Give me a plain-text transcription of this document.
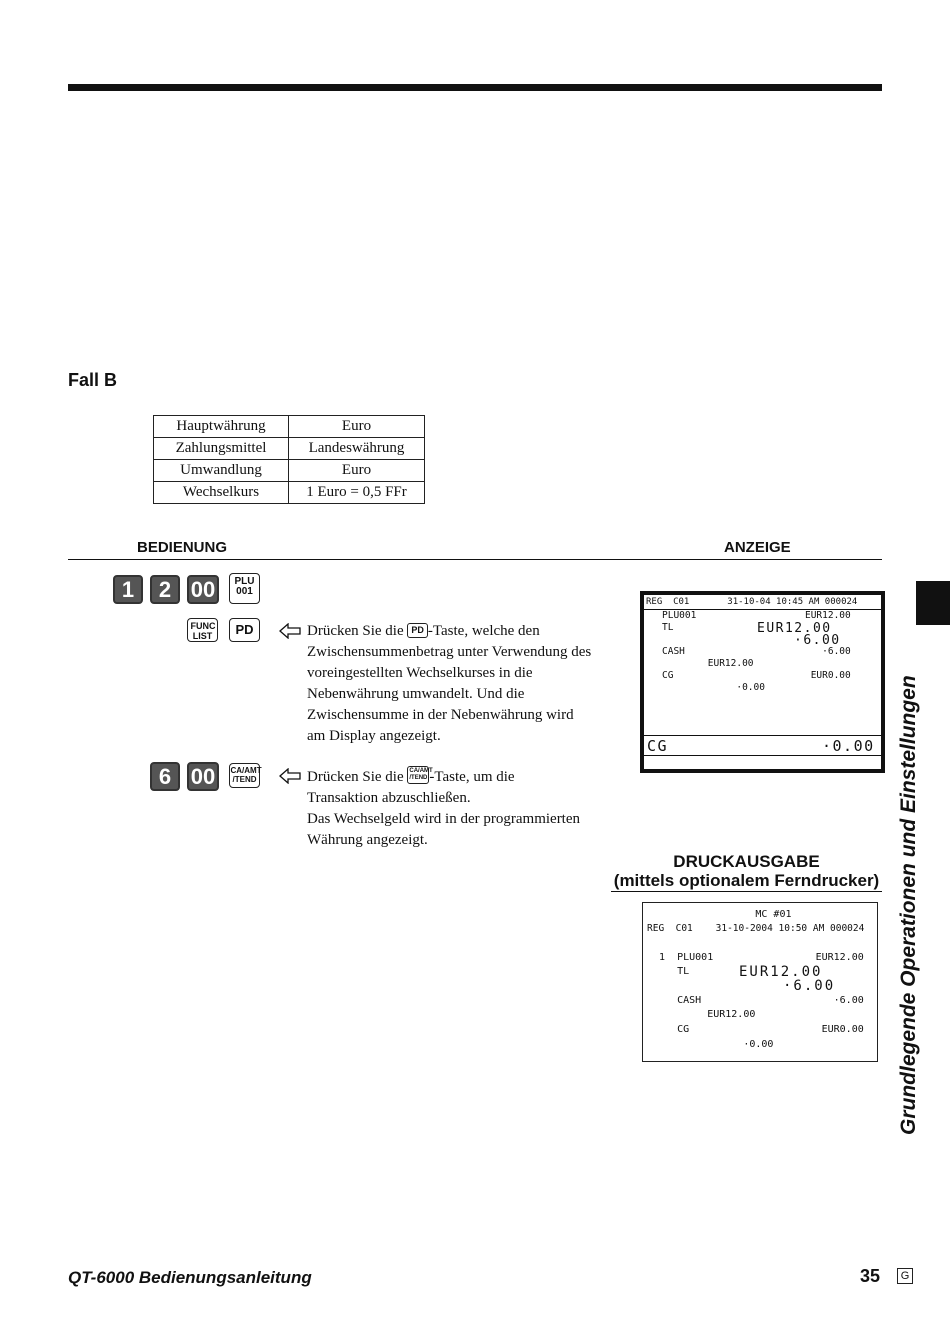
Fall B
Hauptwährung	Euro
Zahlungsmittel	Landeswährung
Umwandlung	Euro
Wechselkurs	1 Euro = 0,5 FFr
BEDIENUNG	ANZEIGE
1	2 00	PLU 001
FUNC LIST	PD	Drücken Sie die PD -Taste, welche den
Zwischensummenbetrag unter Verwendung des
voreingestellten Wechselkurses in die
Nebenwährung umwandelt. Und die
Zwischensumme in der Nebenwährung wird
am Display angezeigt.
6 00	CA/AMT /TEND	Drücken Sie die CA/AMT /TEND -Taste, um die
Transaktion abzuschließen.
Das Wechselgeld wird in der programmierten
Währung angezeigt.
REG  C01       31-10-04 10:45 AM 000024
PLU001                   EUR12.00
TL	EUR12.00
·6.00
CASH                        ·6.00
EUR12.00
CG                        EUR0.00
·0.00
CG	·0.00
DRUCKAUSGABE
(mittels optionalem Ferndrucker)
MC #01
REG  C01    31-10-2004 10:50 AM 000024
1  PLU001                 EUR12.00
TL	EUR12.00
·6.00
CASH                      ·6.00
EUR12.00
CG                      EUR0.00
·0.00	Grundlegende Operationen und Einstellungen
QT-6000 Bedienungsanleitung	35	G
